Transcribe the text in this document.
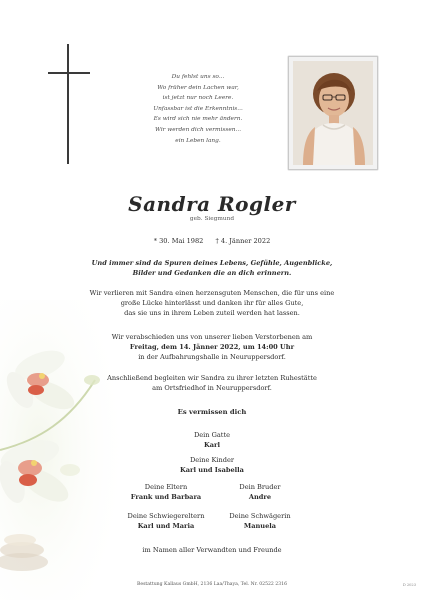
Du fehlst uns so...
Wo früher dein Lachen war,
ist jetzt nur noch Leere.
Unfassbar ist die Erkenntnis...
Es wird sich nie mehr ändern.
Wir werden dich vermissen...
ein Leben lang.
Sandra Rogler
geb. Siegmund
* 30. Mai 1982 † 4. Jänner 2022
Und immer sind da Spuren deines Lebens, Gefühle, Augenblicke,
Bilder und Gedanken die an dich erinnern.
Wir verlieren mit Sandra einen herzensguten Menschen, die für uns eine
große Lücke hinterlässt und danken ihr für alles Gute,
das sie uns in ihrem Leben zuteil werden hat lassen.
Wir verabschieden uns von unserer lieben Verstorbenen am
Freitag, dem 14. Jänner 2022, um 14:00 Uhr
in der Aufbahrungshalle in Neuruppersdorf.
Anschließend begleiten wir Sandra zu ihrer letzten Ruhestätte
am Ortsfriedhof in Neuruppersdorf.
Es vermissen dich
Dein Gatte
Karl
Deine Kinder
Karl und Isabella
Deine Eltern
Frank und Barbara
Dein Bruder
Andre
Deine Schwiegereltern
Karl und Maria
Deine Schwägerin
Manuela
im Namen aller Verwandten und Freunde
Bestattung Kallaus GmbH, 2136 Laa/Thaya, Tel. Nr. 02522 2316	D 2023
